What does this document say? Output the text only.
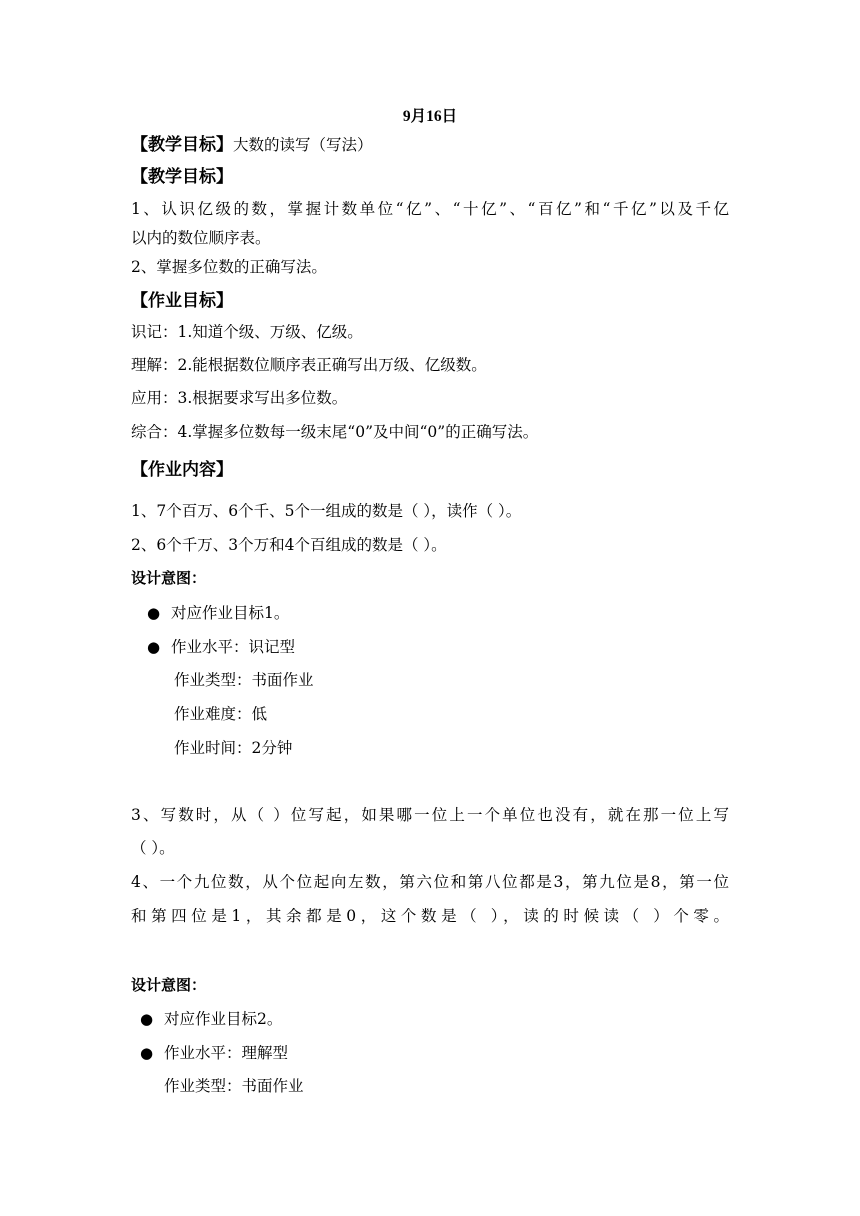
9月16日
【教学目标】大数的读写（写法）
【教学目标】
1、认识亿级的数，掌握计数单位“亿”、“十亿”、“百亿”和“千亿”以及千亿
以内的数位顺序表。
2、掌握多位数的正确写法。
【作业目标】
识记：1.知道个级、万级、亿级。
理解：2.能根据数位顺序表正确写出万级、亿级数。
应用：3.根据要求写出多位数。
综合：4.掌握多位数每一级末尾“0”及中间“0”的正确写法。
【作业内容】
1、7个百万、6个千、5个一组成的数是（ ），读作（ ）。
2、6个千万、3个万和4个百组成的数是（ ）。
设计意图：
● 对应作业目标1。
● 作业水平：识记型
作业类型：书面作业
作业难度：低
作业时间：2分钟
3、写数时，从（ ）位写起，如果哪一位上一个单位也没有，就在那一位上写
（ ）。
4、一个九位数，从个位起向左数，第六位和第八位都是3，第九位是8，第一位
和第四位是1，其余都是0，这个数是（ ），读的时候读（ ）个零。
设计意图：
● 对应作业目标2。
● 作业水平：理解型
作业类型：书面作业
